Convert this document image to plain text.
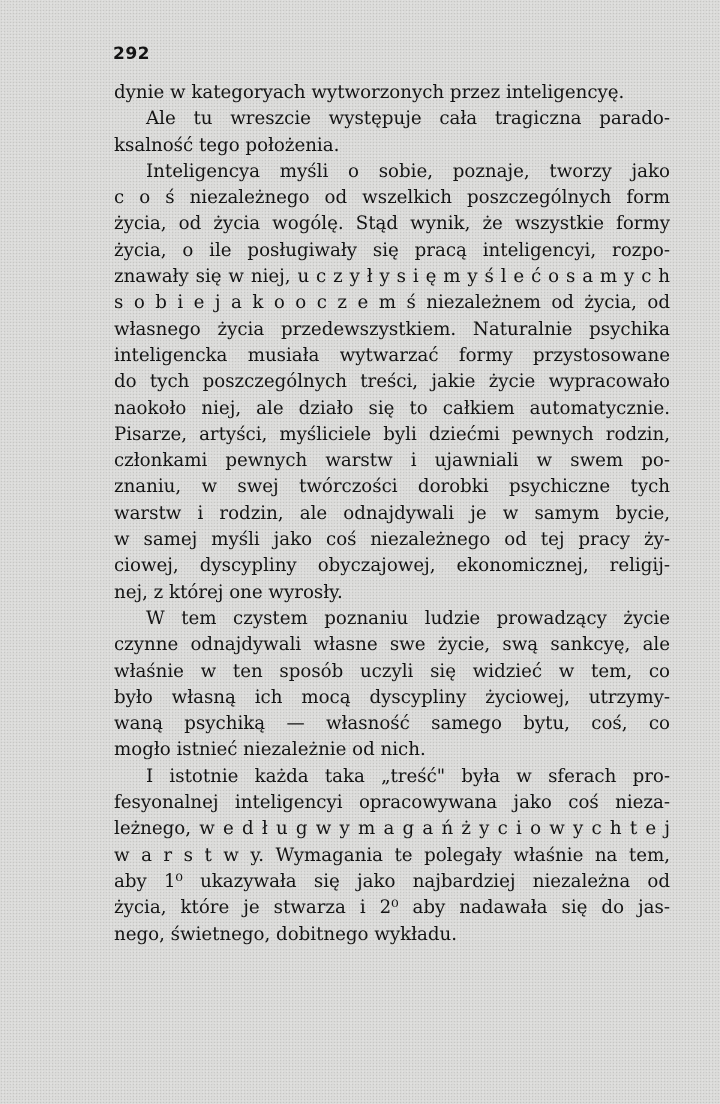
292

dynie w kategoryach wytworzonych przez inteligencyę.
Ale tu wreszcie występuje cała tragiczna parado-
ksalność tego położenia.
Inteligencya myśli o sobie, poznaje, tworzy jako
c o ś niezależnego od wszelkich poszczególnych form
życia, od życia wogólę. Stąd wynik, że wszystkie formy
życia, o ile posługiwały się pracą inteligencyi, rozpo-
znawały się w niej, u c z y ł y s i ę m y ś l e ć o s a m y c h
s o b i e j a k o o c z e m ś niezależnem od życia, od
własnego życia przedewszystkiem. Naturalnie psychika
inteligencka musiała wytwarzać formy przystosowane
do tych poszczególnych treści, jakie życie wypracowało
naokoło niej, ale działo się to całkiem automatycznie.
Pisarze, artyści, myśliciele byli dziećmi pewnych rodzin,
członkami pewnych warstw i ujawniali w swem po-
znaniu, w swej twórczości dorobki psychiczne tych
warstw i rodzin, ale odnajdywali je w samym bycie,
w samej myśli jako coś niezależnego od tej pracy ży-
ciowej, dyscypliny obyczajowej, ekonomicznej, religij-
nej, z której one wyrosły.
W tem czystem poznaniu ludzie prowadzący życie
czynne odnajdywali własne swe życie, swą sankcyę, ale
właśnie w ten sposób uczyli się widzieć w tem, co
było własną ich mocą dyscypliny życiowej, utrzymy-
waną psychiką — własność samego bytu, coś, co
mogło istnieć niezależnie od nich.
I istotnie każda taka „treść" była w sferach pro-
fesyonalnej inteligencyi opracowywana jako coś nieza-
leżnego, w e d ł u g w y m a g a ń ż y c i o w y c h t e j
w a r s t w y. Wymagania te polegały właśnie na tem,
aby 1⁰ ukazywała się jako najbardziej niezależna od
życia, które je stwarza i 2⁰ aby nadawała się do jas-
nego, świetnego, dobitnego wykładu.
